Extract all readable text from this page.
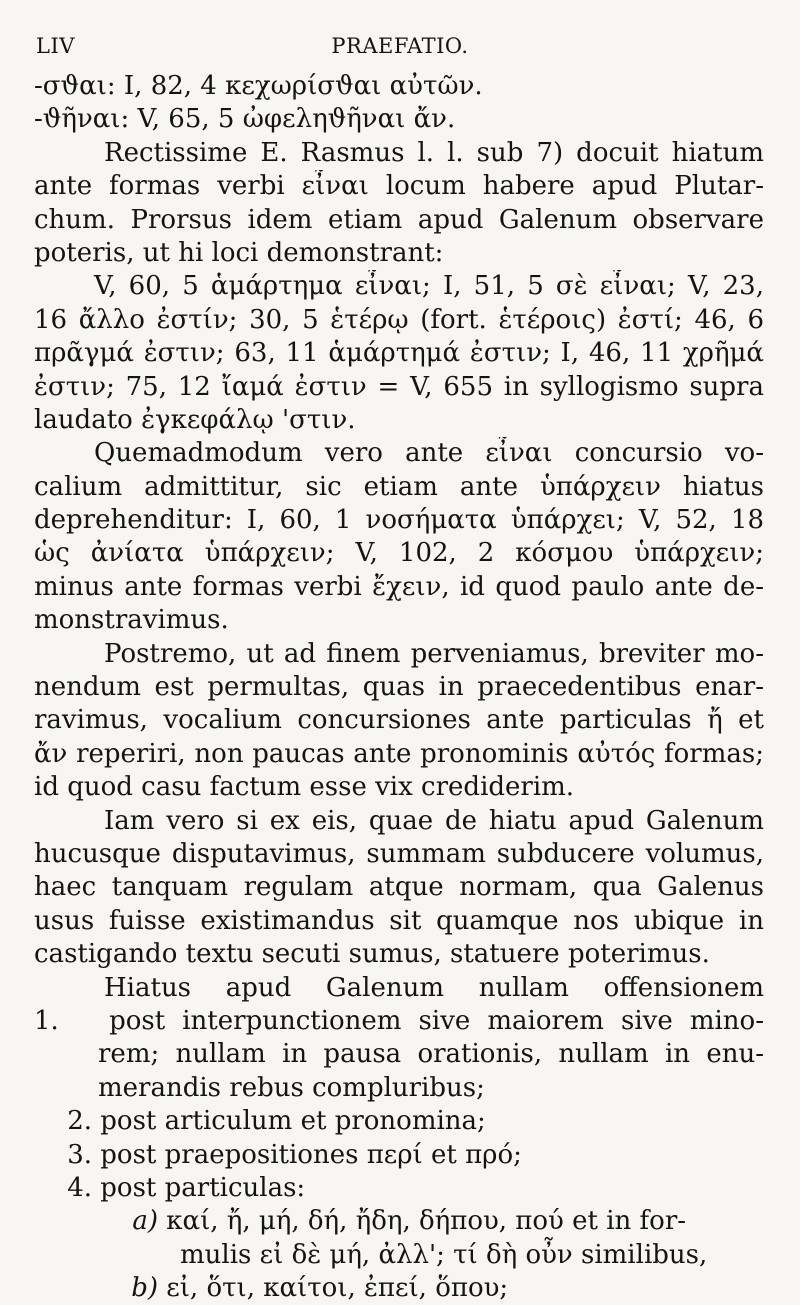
LIV	PRAEFATIO.
-σϑαι: I, 82, 4 κεχωρίσϑαι αὐτῶν.
-ϑῆναι: V, 65, 5 ὠφεληϑῆναι ἄν.
Rectissime E. Rasmus l. l. sub 7) docuit hiatum
ante formas verbi εἶναι locum habere apud Plutar-
chum. Prorsus idem etiam apud Galenum observare
poteris, ut hi loci demonstrant:
V, 60, 5 ἁμάρτημα εἶναι; I, 51, 5 σὲ εἶναι; V, 23,
16 ἄλλο ἐστίν; 30, 5 ἑτέρῳ (fort. ἑτέροις) ἐστί; 46, 6
πρᾶγμά ἐστιν; 63, 11 ἁμάρτημά ἐστιν; I, 46, 11 χρῆμά
ἐστιν; 75, 12 ἴαμά ἐστιν = V, 655 in syllogismo supra
laudato ἐγκεφάλῳ 'στιν.
Quemadmodum vero ante εἶναι concursio vo-
calium admittitur, sic etiam ante ὑπάρχειν hiatus
deprehenditur: I, 60, 1 νοσήματα ὑπάρχει; V, 52, 18
ὡς ἀνίατα ὑπάρχειν; V, 102, 2 κόσμου ὑπάρχειν;
minus ante formas verbi ἔχειν, id quod paulo ante de-
monstravimus.
Postremo, ut ad finem perveniamus, breviter mo-
nendum est permultas, quas in praecedentibus enar-
ravimus, vocalium concursiones ante particulas ἤ et
ἄν reperiri, non paucas ante pronominis αὐτός formas;
id quod casu factum esse vix crediderim.
Iam vero si ex eis, quae de hiatu apud Galenum
hucusque disputavimus, summam subducere volumus,
haec tanquam regulam atque normam, qua Galenus
usus fuisse existimandus sit quamque nos ubique in
castigando textu secuti sumus, statuere poterimus.
Hiatus apud Galenum nullam offensionem
1. post interpunctionem sive maiorem sive mino-
rem; nullam in pausa orationis, nullam in enu-
merandis rebus compluribus;
2. post articulum et pronomina;
3. post praepositiones περί et πρό;
4. post particulas:
a) καί, ἤ, μή, δή, ἤδη, δήπου, πού et in for-
mulis εἰ δὲ μή, ἀλλ'; τί δὴ οὖν similibus,
b) εἰ, ὅτι, καίτοι, ἐπεί, ὅπου;
